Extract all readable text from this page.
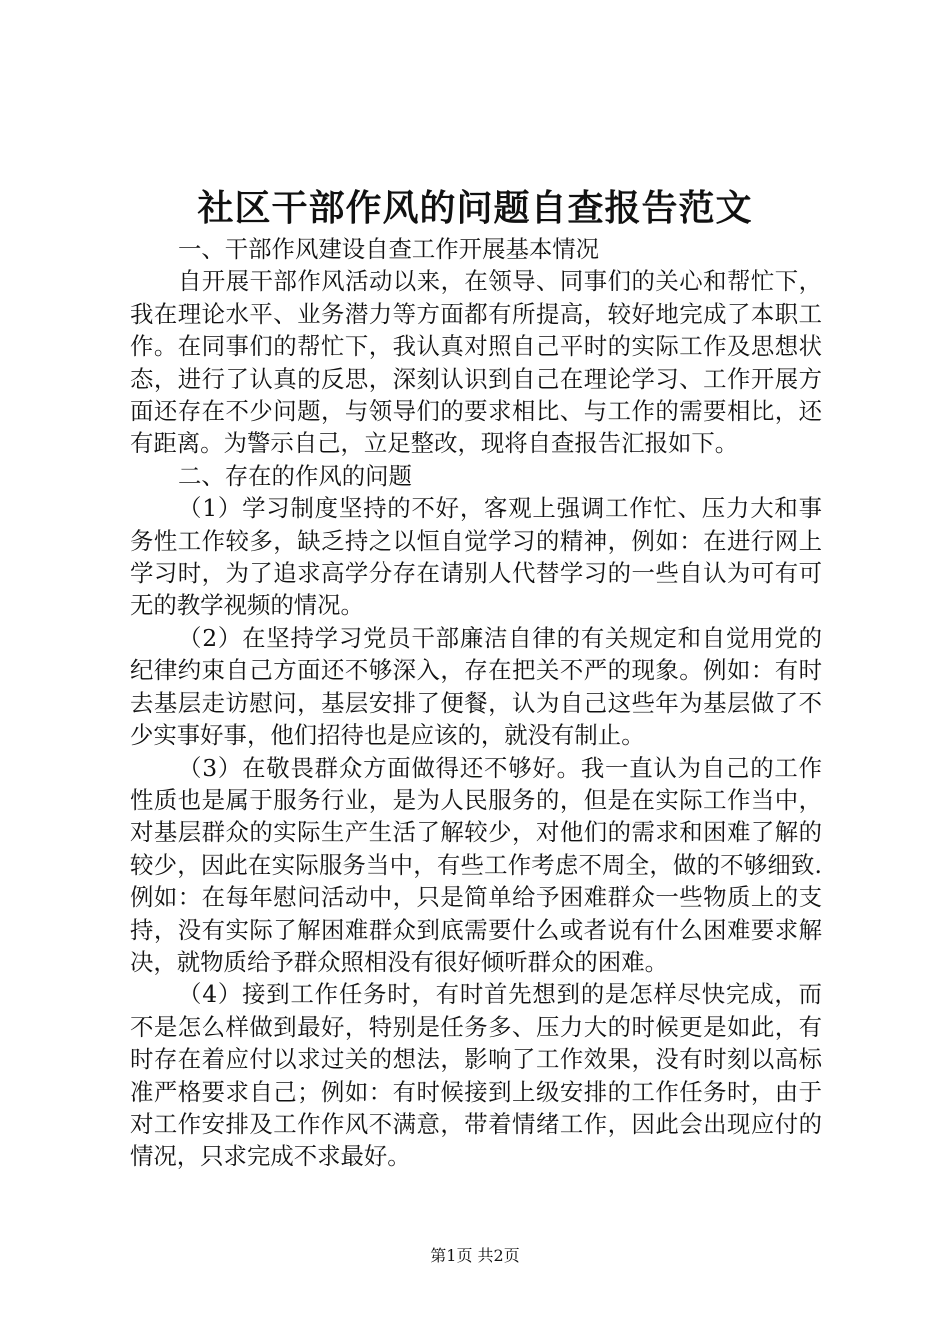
社区干部作风的问题自查报告范文

一、干部作风建设自查工作开展基本情况

自开展干部作风活动以来，在领导、同事们的关心和帮忙下，我在理论水平、业务潜力等方面都有所提高，较好地完成了本职工作。在同事们的帮忙下，我认真对照自己平时的实际工作及思想状态，进行了认真的反思，深刻认识到自己在理论学习、工作开展方面还存在不少问题，与领导们的要求相比、与工作的需要相比，还有距离。为警示自己，立足整改，现将自查报告汇报如下。

二、存在的作风的问题

（1）学习制度坚持的不好，客观上强调工作忙、压力大和事务性工作较多，缺乏持之以恒自觉学习的精神，例如：在进行网上学习时，为了追求高学分存在请别人代替学习的一些自认为可有可无的教学视频的情况。

（2）在坚持学习党员干部廉洁自律的有关规定和自觉用党的纪律约束自己方面还不够深入，存在把关不严的现象。例如：有时去基层走访慰问，基层安排了便餐，认为自己这些年为基层做了不少实事好事，他们招待也是应该的，就没有制止。

（3）在敬畏群众方面做得还不够好。我一直认为自己的工作性质也是属于服务行业，是为人民服务的，但是在实际工作当中，对基层群众的实际生产生活了解较少，对他们的需求和困难了解的较少，因此在实际服务当中，有些工作考虑不周全，做的不够细致.例如：在每年慰问活动中，只是简单给予困难群众一些物质上的支持，没有实际了解困难群众到底需要什么或者说有什么困难要求解决，就物质给予群众照相没有很好倾听群众的困难。

（4）接到工作任务时，有时首先想到的是怎样尽快完成，而不是怎么样做到最好，特别是任务多、压力大的时候更是如此，有时存在着应付以求过关的想法，影响了工作效果，没有时刻以高标准严格要求自己；例如：有时候接到上级安排的工作任务时，由于对工作安排及工作作风不满意，带着情绪工作，因此会出现应付的情况，只求完成不求最好。

第1页 共2页
